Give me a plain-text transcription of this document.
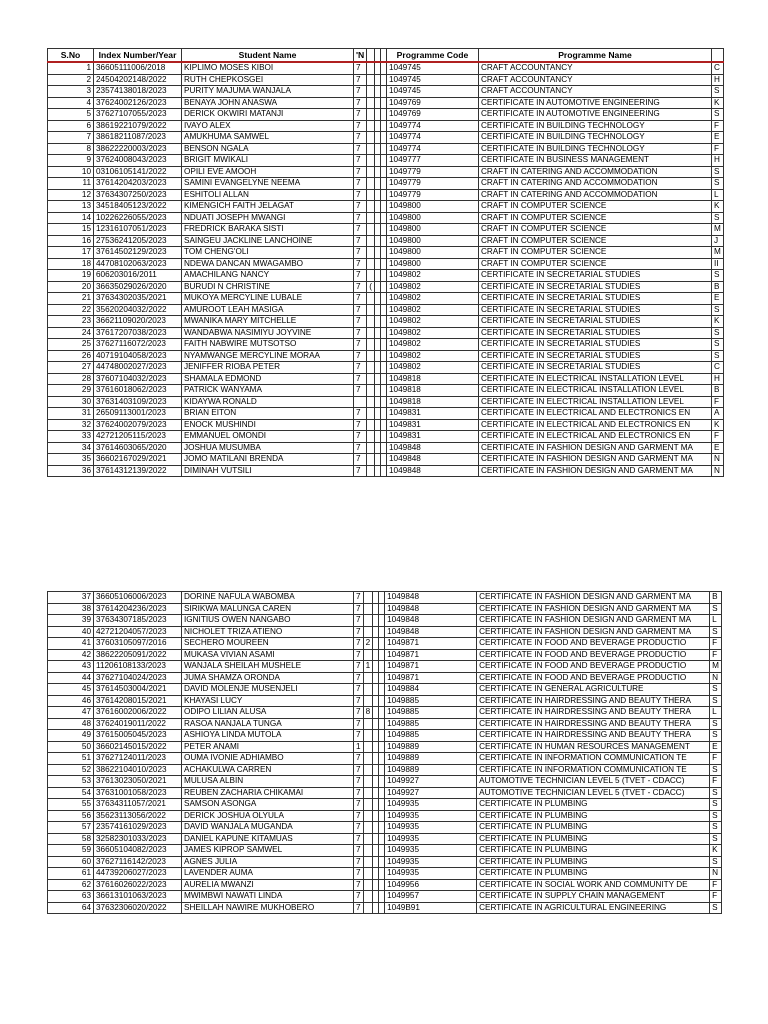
S.No	Index Number/Year	Student Name	'N				Programme Code	Programme Name	
1	36605111006/2018	KIPLIMO MOSES KIBOI	7				1049745	CRAFT ACCOUNTANCY	C
2	24504202148/2022	RUTH CHEPKOSGEI	7				1049745	CRAFT ACCOUNTANCY	H
3	23574138018/2023	PURITY MAJUMA WANJALA	7				1049745	CRAFT ACCOUNTANCY	S
4	37624002126/2023	BENAYA JOHN ANASWA	7				1049769	CERTIFICATE IN AUTOMOTIVE ENGINEERING	K
5	37627107055/2023	DERICK OKWIRI MATANJI	7				1049769	CERTIFICATE IN AUTOMOTIVE ENGINEERING	S
6	38619221079/2022	IVAYO ALEX	7				1049774	CERTIFICATE IN BUILDING TECHNOLOGY	F
7	38618211087/2023	AMUKHUMA SAMWEL	7				1049774	CERTIFICATE IN BUILDING TECHNOLOGY	E
8	38622220003/2023	BENSON NGALA	7				1049774	CERTIFICATE IN BUILDING TECHNOLOGY	F
9	37624008043/2023	BRIGIT MWIKALI	7				1049777	CERTIFICATE IN BUSINESS MANAGEMENT	H
10	03106105141/2022	OPILI EVE AMOOH	7				1049779	CRAFT IN CATERING AND ACCOMMODATION	S
11	37614204203/2023	SAMINI EVANGELYNE NEEMA	7				1049779	CRAFT IN CATERING AND ACCOMMODATION	S
12	37634307250/2023	ESHITOLI ALLAN	7				1049779	CRAFT IN CATERING AND ACCOMMODATION	L
13	34518405123/2022	KIMENGICH FAITH JELAGAT	7				1049800	CRAFT IN COMPUTER SCIENCE	K
14	10226226055/2023	NDUATI JOSEPH MWANGI	7				1049800	CRAFT IN COMPUTER SCIENCE	S
15	12316107051/2023	FREDRICK BARAKA SISTI	7				1049800	CRAFT IN COMPUTER SCIENCE	M
16	27536241205/2023	SAINGEU JACKLINE LANCHOINE	7				1049800	CRAFT IN COMPUTER SCIENCE	J
17	37614502129/2023	TOM CHENG'OLI	7				1049800	CRAFT IN COMPUTER SCIENCE	M
18	44708102063/2023	NDEWA DANCAN MWAGAMBO	7				1049800	CRAFT IN COMPUTER SCIENCE	II
19	606203016/2011	AMACHILANG NANCY	7				1049802	CERTIFICATE IN SECRETARIAL STUDIES	S
20	36635029026/2020	BURUDI N CHRISTINE	7	(			1049802	CERTIFICATE IN SECRETARIAL STUDIES	B
21	37634302035/2021	MUKOYA MERCYLINE LUBALE	7				1049802	CERTIFICATE IN SECRETARIAL STUDIES	E
22	35620204032/2022	AMUROOT LEAH MASIGA	7				1049802	CERTIFICATE IN SECRETARIAL STUDIES	S
23	36621109020/2023	MWANIKA MARY MITCHELLE	7				1049802	CERTIFICATE IN SECRETARIAL STUDIES	K
24	37617207038/2023	WANDABWA NASIMIYU JOYVINE	7				1049802	CERTIFICATE IN SECRETARIAL STUDIES	S
25	37627116072/2023	FAITH NABWIRE MUTSOTSO	7				1049802	CERTIFICATE IN SECRETARIAL STUDIES	S
26	40719104058/2023	NYAMWANGE MERCYLINE MORAA	7				1049802	CERTIFICATE IN SECRETARIAL STUDIES	S
27	44748002027/2023	JENIFFER RIOBA PETER	7				1049802	CERTIFICATE IN SECRETARIAL STUDIES	C
28	37607104032/2023	SHAMALA EDMOND	7				1049818	CERTIFICATE IN ELECTRICAL INSTALLATION LEVEL	H
29	37616018062/2023	PATRICK WANYAMA	7				1049818	CERTIFICATE IN ELECTRICAL INSTALLATION LEVEL	B
30	37631403109/2023	KIDAYWA RONALD					1049818	CERTIFICATE IN ELECTRICAL INSTALLATION LEVEL	F
31	26509113001/2023	BRIAN EITON	7				1049831	CERTIFICATE IN ELECTRICAL AND ELECTRONICS EN	A
32	37624002079/2023	ENOCK MUSHINDI	7				1049831	CERTIFICATE IN ELECTRICAL AND ELECTRONICS EN	K
33	42721205115/2023	EMMANUEL OMONDI	7				1049831	CERTIFICATE IN ELECTRICAL AND ELECTRONICS EN	F
34	37614603065/2020	JOSHUA MUSUMBA	7				1049848	CERTIFICATE IN FASHION DESIGN AND GARMENT MA	E
35	36602167029/2021	JOMO MATILANI BRENDA	7				1049848	CERTIFICATE IN FASHION DESIGN AND GARMENT MA	N
36	37614312139/2022	DIMINAH VUTSILI	7				1049848	CERTIFICATE IN FASHION DESIGN AND GARMENT MA	N
37	36605106006/2023	DORINE NAFULA WABOMBA	7				1049848	CERTIFICATE IN FASHION DESIGN AND GARMENT MA	B
38	37614204236/2023	SIRIKWA MALUNGA CAREN	7				1049848	CERTIFICATE IN FASHION DESIGN AND GARMENT MA	S
39	37634307185/2023	IGNITIUS OWEN NANGABO	7				1049848	CERTIFICATE IN FASHION DESIGN AND GARMENT MA	L
40	42721204057/2023	NICHOLET TRIZA ATIENO	7				1049848	CERTIFICATE IN FASHION DESIGN AND GARMENT MA	S
41	37603105097/2016	SECHERO MOUREEN	7	2			1049871	CERTIFICATE IN FOOD AND BEVERAGE PRODUCTIO	F
42	38622205091/2022	MUKASA VIVIAN ASAMI	7				1049871	CERTIFICATE IN FOOD AND BEVERAGE PRODUCTIO	F
43	11206108133/2023	WANJALA SHEILAH MUSHELE	7	1			1049871	CERTIFICATE IN FOOD AND BEVERAGE PRODUCTIO	M
44	37627104024/2023	JUMA SHAMZA ORONDA	7				1049871	CERTIFICATE IN FOOD AND BEVERAGE PRODUCTIO	N
45	37614503004/2021	DAVID MOLENJE MUSENJELI	7				1049884	CERTIFICATE IN GENERAL AGRICULTURE	S
46	37614208015/2021	KHAYASI LUCY	7				1049885	CERTIFICATE IN HAIRDRESSING AND BEAUTY THERA	S
47	37616002006/2022	ODIPO LILIAN ALUSA	7	8			1049885	CERTIFICATE IN HAIRDRESSING AND BEAUTY THERA	L
48	37624019011/2022	RASOA NANJALA TUNGA	7				1049885	CERTIFICATE IN HAIRDRESSING AND BEAUTY THERA	S
49	37615005045/2023	ASHIOYA LINDA MUTOLA	7				1049885	CERTIFICATE IN HAIRDRESSING AND BEAUTY THERA	S
50	36602145015/2022	PETER ANAMI	1				1049889	CERTIFICATE IN HUMAN RESOURCES MANAGEMENT	E
51	37627124011/2023	OUMA IVONIE ADHIAMBO	7				1049889	CERTIFICATE IN INFORMATION COMMUNICATION TE	F
52	38622104010/2023	ACHAKULWA CARREN	7				1049889	CERTIFICATE IN INFORMATION COMMUNICATION TE	S
53	37613023050/2021	MULUSA ALBIN	7				1049927	AUTOMOTIVE TECHNICIAN LEVEL 5 (TVET - CDACC)	F
54	37631001058/2023	REUBEN ZACHARIA CHIKAMAI	7				1049927	AUTOMOTIVE TECHNICIAN LEVEL 5 (TVET - CDACC)	S
55	37634311057/2021	SAMSON ASONGA	7				1049935	CERTIFICATE IN PLUMBING	S
56	35623113056/2022	DERICK JOSHUA OLYULA	7				1049935	CERTIFICATE IN PLUMBING	S
57	23574161029/2023	DAVID WANJALA MUGANDA	7				1049935	CERTIFICATE IN PLUMBING	S
58	32582301033/2023	DANIEL KAPUNE KITAMUAS	7				1049935	CERTIFICATE IN PLUMBING	S
59	36605104082/2023	JAMES KIPROP SAMWEL	7				1049935	CERTIFICATE IN PLUMBING	K
60	37627116142/2023	AGNES JULIA	7				1049935	CERTIFICATE IN PLUMBING	S
61	44739206027/2023	LAVENDER AUMA	7				1049935	CERTIFICATE IN PLUMBING	N
62	37616026022/2023	AURELIA MWANZI	7				1049956	CERTIFICATE IN SOCIAL WORK AND COMMUNITY DE	F
63	36613101063/2023	MWIMBWI NAWATI LINDA	7				1049957	CERTIFICATE IN SUPPLY CHAIN MANAGEMENT	F
64	37632306020/2022	SHEILLAH NAWIRE MUKHOBERO	7				1049B91	CERTIFICATE IN AGRICULTURAL ENGINEERING	S
